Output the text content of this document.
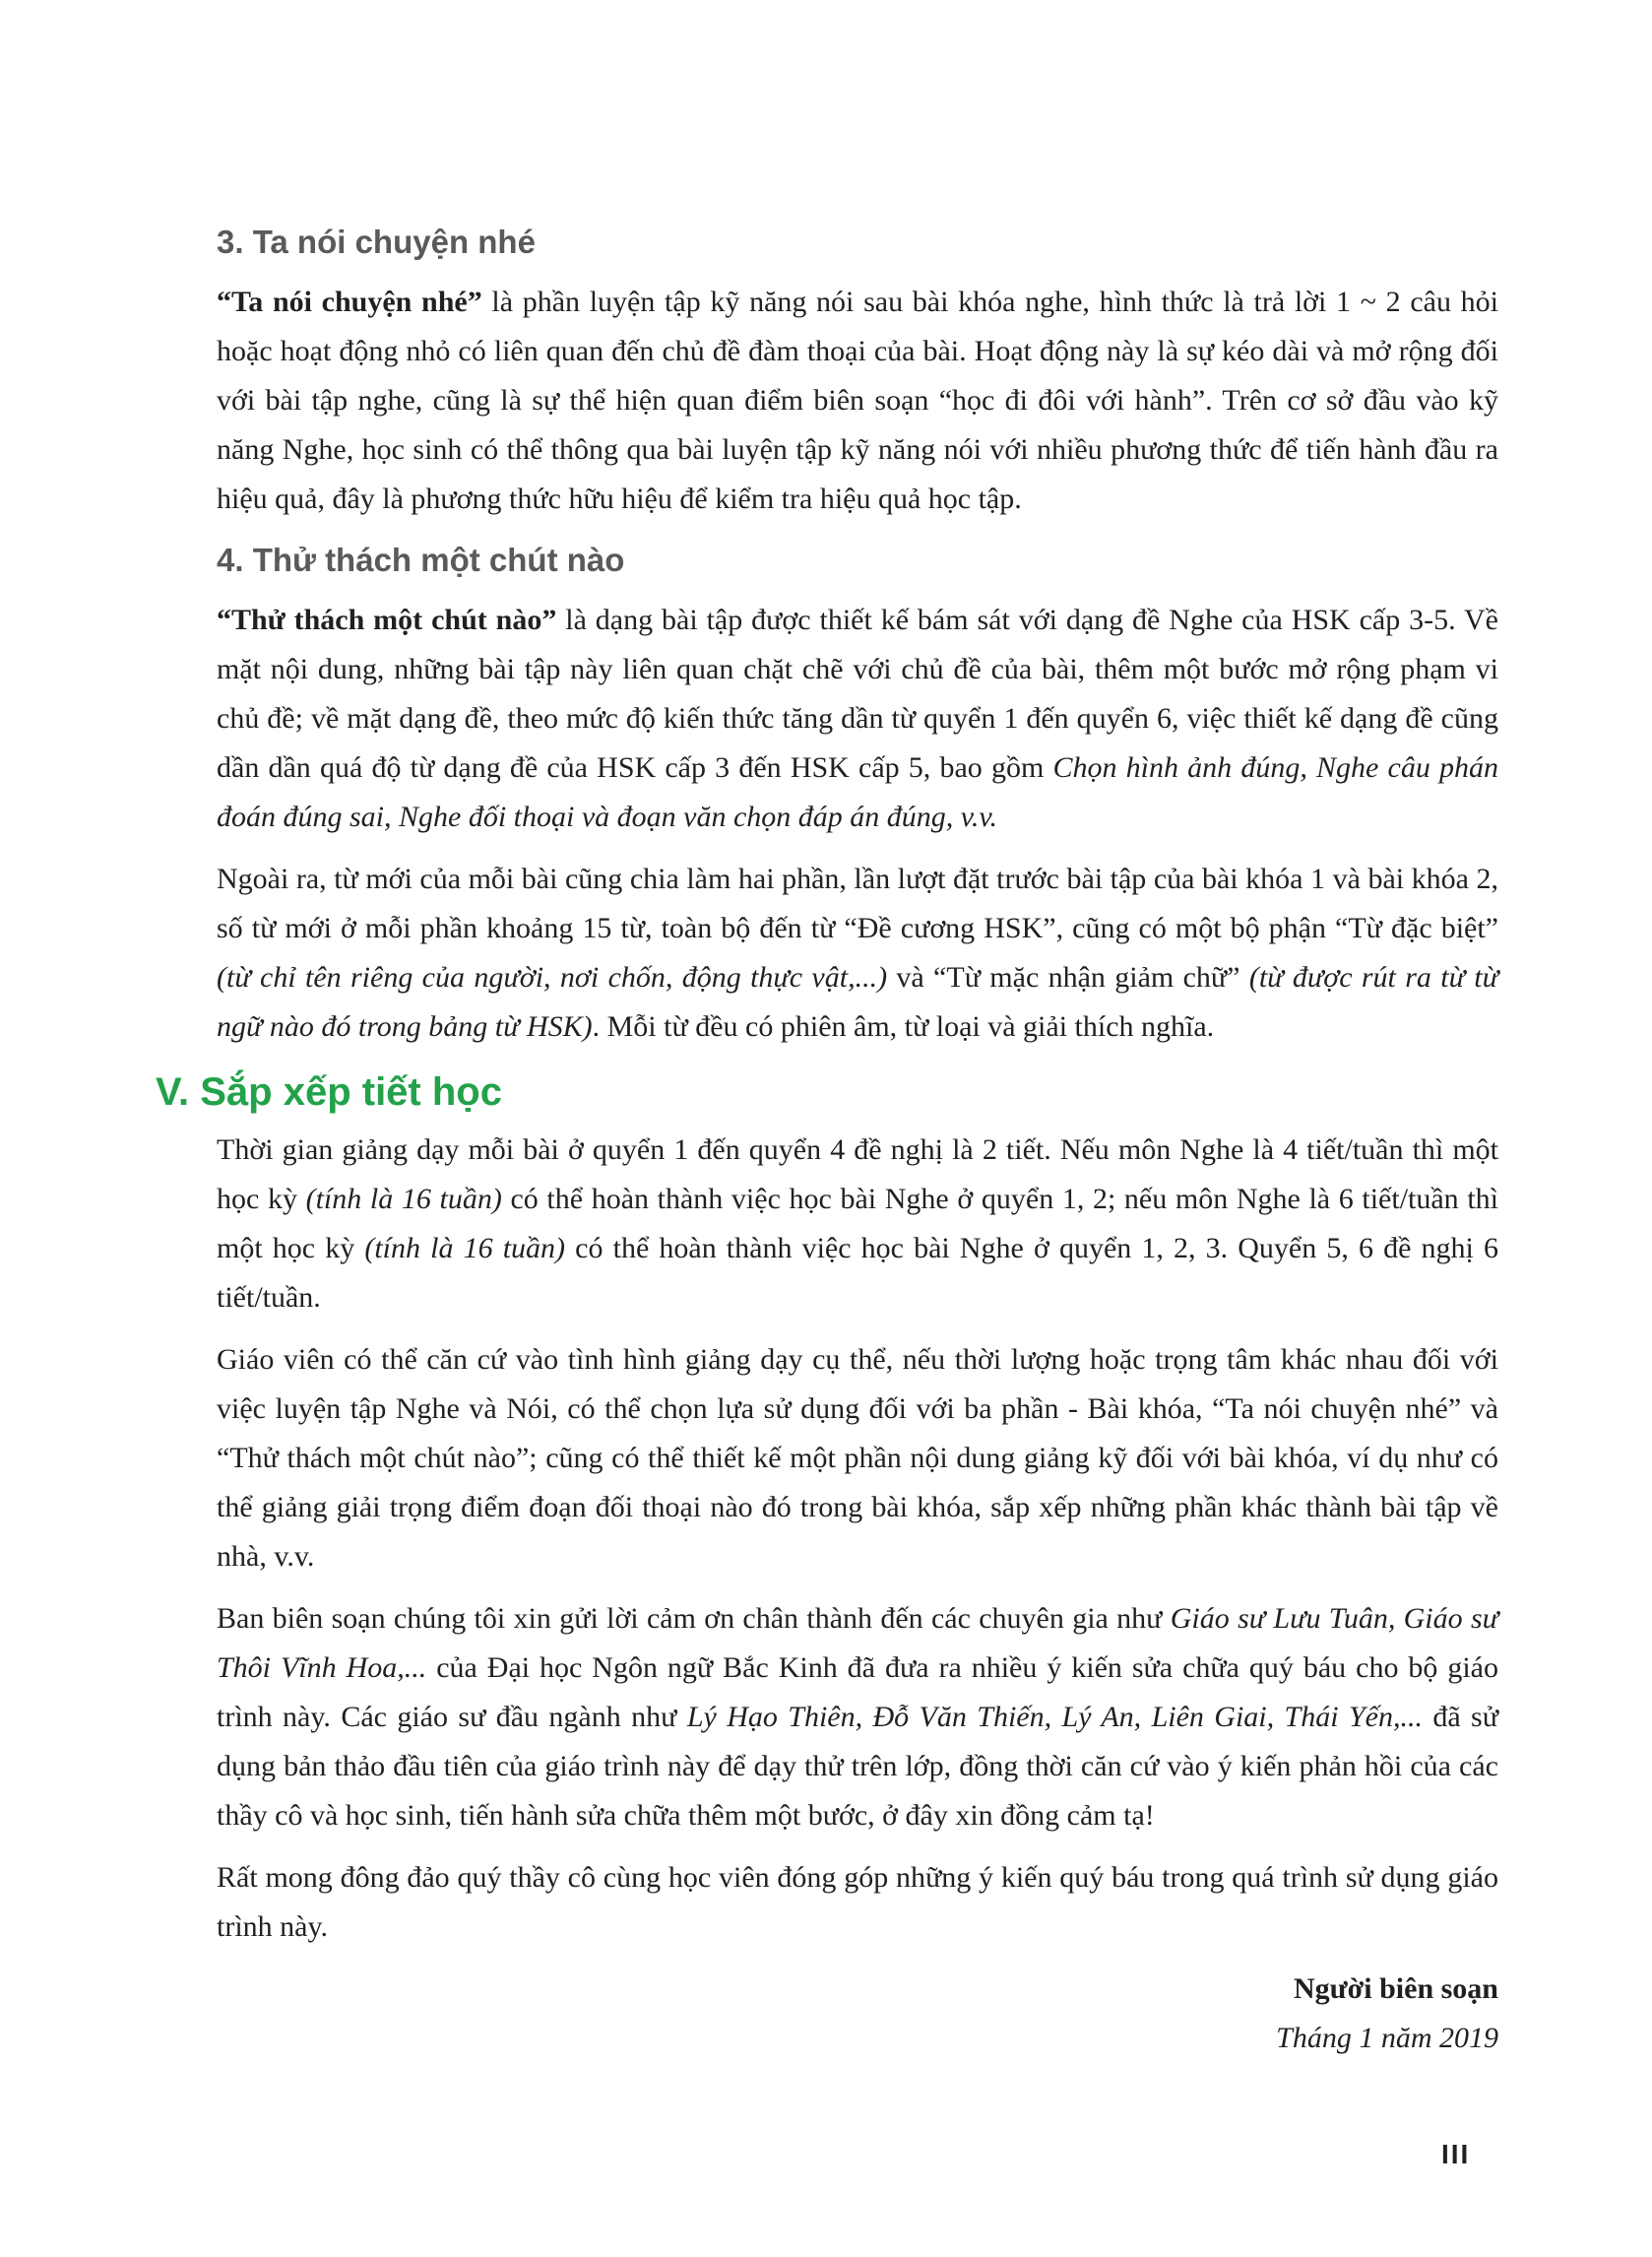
3. Ta nói chuyện nhé

“Ta nói chuyện nhé” là phần luyện tập kỹ năng nói sau bài khóa nghe, hình thức là trả lời 1 ~ 2 câu hỏi hoặc hoạt động nhỏ có liên quan đến chủ đề đàm thoại của bài. Hoạt động này là sự kéo dài và mở rộng đối với bài tập nghe, cũng là sự thể hiện quan điểm biên soạn “học đi đôi với hành”. Trên cơ sở đầu vào kỹ năng Nghe, học sinh có thể thông qua bài luyện tập kỹ năng nói với nhiều phương thức để tiến hành đầu ra hiệu quả, đây là phương thức hữu hiệu để kiểm tra hiệu quả học tập.

4. Thử thách một chút nào

“Thử thách một chút nào” là dạng bài tập được thiết kế bám sát với dạng đề Nghe của HSK cấp 3-5. Về mặt nội dung, những bài tập này liên quan chặt chẽ với chủ đề của bài, thêm một bước mở rộng phạm vi chủ đề; về mặt dạng đề, theo mức độ kiến thức tăng dần từ quyển 1 đến quyển 6, việc thiết kế dạng đề cũng dần dần quá độ từ dạng đề của HSK cấp 3 đến HSK cấp 5, bao gồm Chọn hình ảnh đúng, Nghe câu phán đoán đúng sai, Nghe đối thoại và đoạn văn chọn đáp án đúng, v.v.

Ngoài ra, từ mới của mỗi bài cũng chia làm hai phần, lần lượt đặt trước bài tập của bài khóa 1 và bài khóa 2, số từ mới ở mỗi phần khoảng 15 từ, toàn bộ đến từ “Đề cương HSK”, cũng có một bộ phận “Từ đặc biệt” (từ chỉ tên riêng của người, nơi chốn, động thực vật,...) và “Từ mặc nhận giảm chữ” (từ được rút ra từ từ ngữ nào đó trong bảng từ HSK). Mỗi từ đều có phiên âm, từ loại và giải thích nghĩa.

V. Sắp xếp tiết học

Thời gian giảng dạy mỗi bài ở quyển 1 đến quyển 4 đề nghị là 2 tiết. Nếu môn Nghe là 4 tiết/tuần thì một học kỳ (tính là 16 tuần) có thể hoàn thành việc học bài Nghe ở quyển 1, 2; nếu môn Nghe là 6 tiết/tuần thì một học kỳ (tính là 16 tuần) có thể hoàn thành việc học bài Nghe ở quyển 1, 2, 3. Quyển 5, 6 đề nghị 6 tiết/tuần.

Giáo viên có thể căn cứ vào tình hình giảng dạy cụ thể, nếu thời lượng hoặc trọng tâm khác nhau đối với việc luyện tập Nghe và Nói, có thể chọn lựa sử dụng đối với ba phần - Bài khóa, “Ta nói chuyện nhé” và “Thử thách một chút nào”; cũng có thể thiết kế một phần nội dung giảng kỹ đối với bài khóa, ví dụ như có thể giảng giải trọng điểm đoạn đối thoại nào đó trong bài khóa, sắp xếp những phần khác thành bài tập về nhà, v.v.

Ban biên soạn chúng tôi xin gửi lời cảm ơn chân thành đến các chuyên gia như Giáo sư Lưu Tuân, Giáo sư Thôi Vĩnh Hoa,... của Đại học Ngôn ngữ Bắc Kinh đã đưa ra nhiều ý kiến sửa chữa quý báu cho bộ giáo trình này. Các giáo sư đầu ngành như Lý Hạo Thiên, Đỗ Văn Thiến, Lý An, Liên Giai, Thái Yến,... đã sử dụng bản thảo đầu tiên của giáo trình này để dạy thử trên lớp, đồng thời căn cứ vào ý kiến phản hồi của các thầy cô và học sinh, tiến hành sửa chữa thêm một bước, ở đây xin đồng cảm tạ!

Rất mong đông đảo quý thầy cô cùng học viên đóng góp những ý kiến quý báu trong quá trình sử dụng giáo trình này.

Người biên soạn
Tháng 1 năm 2019
III
